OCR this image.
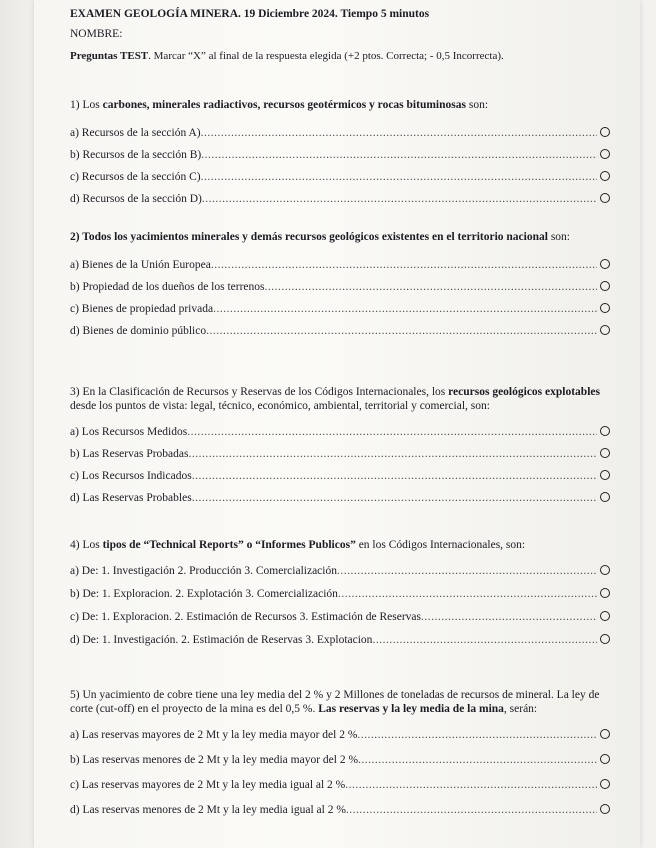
EXAMEN GEOLOGÍA MINERA. 19 Diciembre 2024. Tiempo 5 minutos

NOMBRE:
Preguntas TEST. Marcar “X” al final de la respuesta elegida (+2 ptos. Correcta; - 0,5 Incorrecta).

1) Los carbones, minerales radiactivos, recursos geotérmicos y rocas bituminosas son:

a) Recursos de la sección A)
.....
b) Recursos de la sección B)
.....
c) Recursos de la sección C)
.....
d) Recursos de la sección D)
.....

2) Todos los yacimientos minerales y demás recursos geológicos existentes en el territorio nacional son:

a) Bienes de la Unión Europea
.....
b) Propiedad de los dueños de los terrenos
.....
c) Bienes de propiedad privada
.....
d) Bienes de dominio público
.....

3) En la Clasificación de Recursos y Reservas de los Códigos Internacionales, los recursos geológicos explotables desde los puntos de vista: legal, técnico, económico, ambiental, territorial y comercial, son:

a) Los Recursos Medidos
.....
b) Las Reservas Probadas
.....
c) Los Recursos Indicados
.....
d) Las Reservas Probables
.....

4) Los tipos de “Technical Reports” o “Informes Publicos” en los Códigos Internacionales, son:

a) De: 1. Investigación 2. Producción 3. Comercialización
.....
b) De: 1. Exploracion. 2. Explotación 3. Comercialización
.....
c) De: 1. Exploracion. 2. Estimación de Recursos 3. Estimación de Reservas
.....
d) De: 1. Investigación. 2. Estimación de Reservas 3. Explotacion
.....

5) Un yacimiento de cobre tiene una ley media del 2 % y 2 Millones de toneladas de recursos de mineral. La ley de corte (cut-off) en el proyecto de la mina es del 0,5 %. Las reservas y la ley media de la mina, serán:

a) Las reservas mayores de 2 Mt y la ley media mayor del 2 %
.....
b) Las reservas menores de 2 Mt y la ley media mayor del 2 %
.....
c) Las reservas mayores de 2 Mt y la ley media igual al 2 %
.....
d) Las reservas menores de 2 Mt y la ley media igual al 2 %
.....
